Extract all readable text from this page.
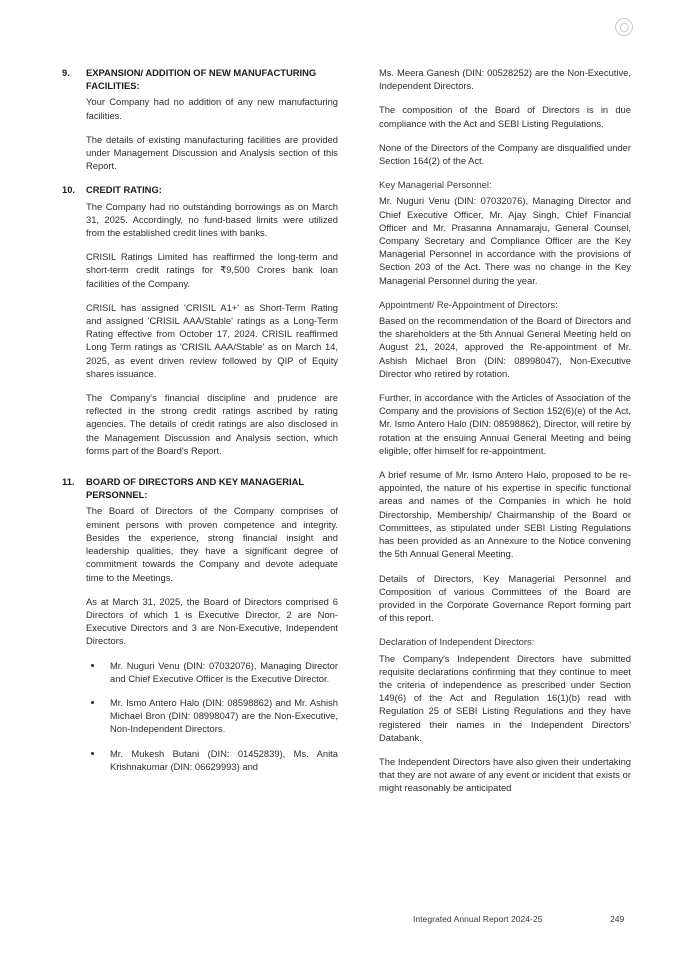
9.	EXPANSION/ ADDITION OF NEW MANUFACTURING FACILITIES:

Your Company had no addition of any new manufacturing facilities.

The details of existing manufacturing facilities are provided under Management Discussion and Analysis section of this Report.

10.	CREDIT RATING:

The Company had no outstanding borrowings as on March 31, 2025. Accordingly, no fund-based limits were utilized from the established credit lines with banks.

CRISIL Ratings Limited has reaffirmed the long-term and short-term credit ratings for ₹9,500 Crores bank loan facilities of the Company.

CRISIL has assigned 'CRISIL A1+' as Short-Term Rating and assigned 'CRISIL AAA/Stable' ratings as a Long-Term Rating effective from October 17, 2024. CRISIL reaffirmed Long Term ratings as 'CRISIL AAA/Stable' as on March 14, 2025, as event driven review followed by QIP of Equity shares issuance.

The Company's financial discipline and prudence are reflected in the strong credit ratings ascribed by rating agencies. The details of credit ratings are also disclosed in the Management Discussion and Analysis section, which forms part of the Board's Report.

11.	BOARD OF DIRECTORS AND KEY MANAGERIAL PERSONNEL:

The Board of Directors of the Company comprises of eminent persons with proven competence and integrity. Besides the experience, strong financial insight and leadership qualities, they have a significant degree of commitment towards the Company and devote adequate time to the Meetings.

As at March 31, 2025, the Board of Directors comprised 6 Directors of which 1 is Executive Director, 2 are Non-Executive Directors and 3 are Non-Executive, Independent Directors.

Mr. Nuguri Venu (DIN: 07032076), Managing Director and Chief Executive Officer is the Executive Director.
Mr. Ismo Antero Halo (DIN: 08598862) and Mr. Ashish Michael Bron (DIN: 08998047) are the Non-Executive, Non-Independent Directors.
Mr. Mukesh Butani (DIN: 01452839), Ms. Anita Krishnakumar (DIN: 06629993) and

Ms. Meera Ganesh (DIN: 00528252) are the Non-Executive, Independent Directors.

The composition of the Board of Directors is in due compliance with the Act and SEBI Listing Regulations.

None of the Directors of the Company are disqualified under Section 164(2) of the Act.

Key Managerial Personnel:

Mr. Nuguri Venu (DIN: 07032076), Managing Director and Chief Executive Officer, Mr. Ajay Singh, Chief Financial Officer and Mr. Prasanna Annamaraju, General Counsel, Company Secretary and Compliance Officer are the Key Managerial Personnel in accordance with the provisions of Section 203 of the Act. There was no change in the Key Managerial Personnel during the year.

Appointment/ Re-Appointment of Directors:

Based on the recommendation of the Board of Directors and the shareholders at the 5th Annual General Meeting held on August 21, 2024, approved the Re-appointment of Mr. Ashish Michael Bron (DIN: 08998047), Non-Executive Director who retired by rotation.

Further, in accordance with the Articles of Association of the Company and the provisions of Section 152(6)(e) of the Act, Mr. Ismo Antero Halo (DIN: 08598862), Director, will retire by rotation at the ensuing Annual General Meeting and being eligible, offer himself for re-appointment.

A brief resume of Mr. Ismo Antero Halo, proposed to be re-appointed, the nature of his expertise in specific functional areas and names of the Companies in which he hold Directorship, Membership/ Chairmanship of the Board or Committees, as stipulated under SEBI Listing Regulations has been provided as an Annexure to the Notice convening the 5th Annual General Meeting.

Details of Directors, Key Managerial Personnel and Composition of various Committees of the Board are provided in the Corporate Governance Report forming part of this report.

Declaration of Independent Directors:

The Company's Independent Directors have submitted requisite declarations confirming that they continue to meet the criteria of independence as prescribed under Section 149(6) of the Act and Regulation 16(1)(b) read with Regulation 25 of SEBI Listing Regulations and they have registered their names in the Independent Directors' Databank.

The Independent Directors have also given their undertaking that they are not aware of any event or incident that exists or might reasonably be anticipated

Integrated Annual Report 2024-25	249
